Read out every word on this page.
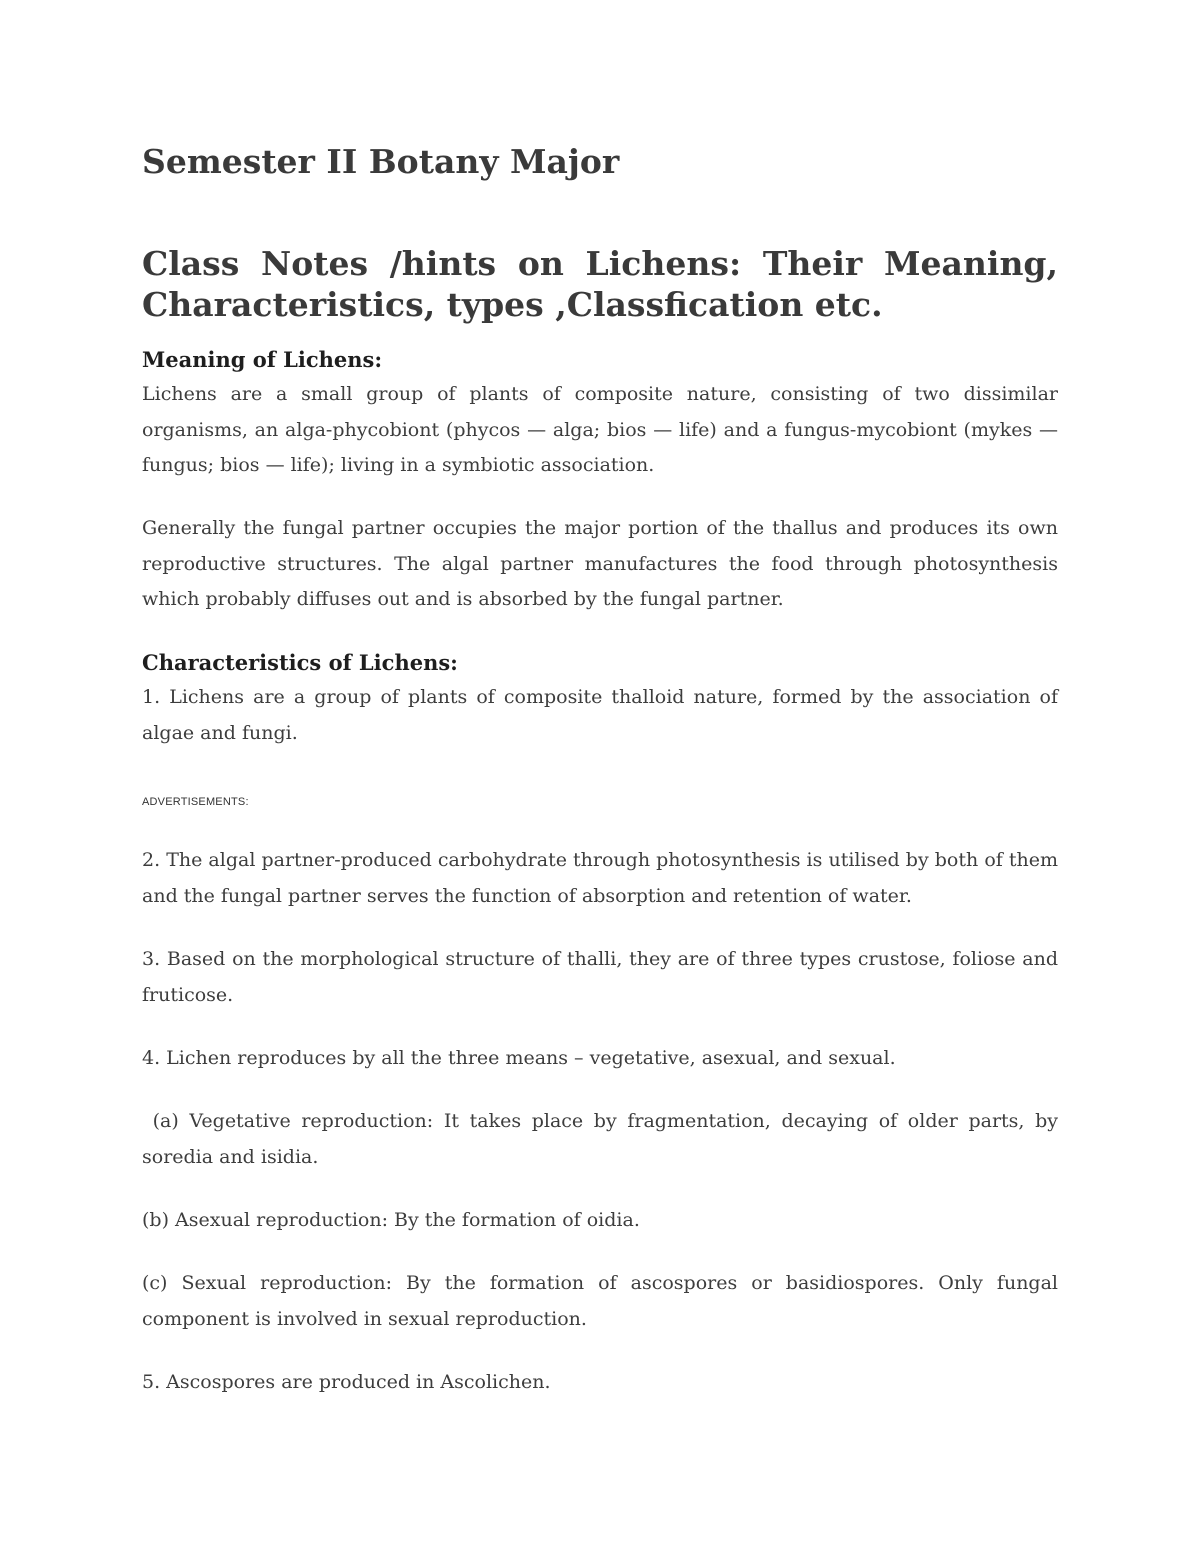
Semester II Botany Major
Class Notes /hints on Lichens: Their Meaning, Characteristics, types ,Classfication etc.
Meaning of Lichens:

Lichens are a small group of plants of composite nature, consisting of two dissimilar organisms, an alga-phycobiont (phycos — alga; bios — life) and a fungus-mycobiont (mykes — fungus; bios — life); living in a symbiotic association.

Generally the fungal partner occupies the major portion of the thallus and produces its own reproductive structures. The algal partner manufactures the food through photosynthesis which probably diffuses out and is absorbed by the fungal partner.

Characteristics of Lichens:

1. Lichens are a group of plants of composite thalloid nature, formed by the association of algae and fungi.

ADVERTISEMENTS:

2. The algal partner-produced carbohydrate through photosynthesis is utilised by both of them and the fungal partner serves the function of absorption and retention of water.

3. Based on the morphological structure of thalli, they are of three types crustose, foliose and fruticose.

4. Lichen reproduces by all the three means – vegetative, asexual, and sexual.

(a) Vegetative reproduction: It takes place by fragmentation, decaying of older parts, by soredia and isidia.

(b) Asexual reproduction: By the formation of oidia.

(c) Sexual reproduction: By the formation of ascospores or basidiospores. Only fungal component is involved in sexual reproduction.

5. Ascospores are produced in Ascolichen.
